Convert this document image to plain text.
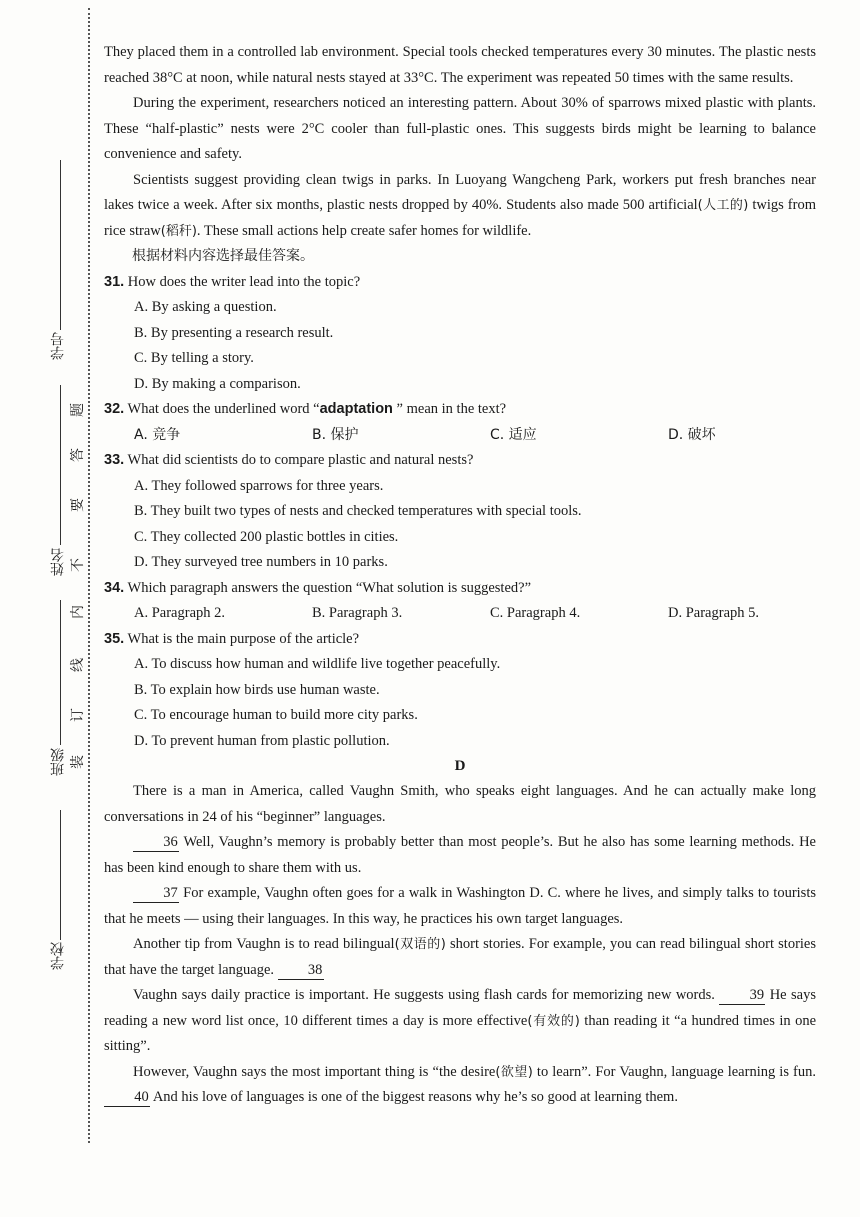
学号
姓名
班级
学校
题
答
要
不
内
线
订
装

They placed them in a controlled lab environment. Special tools checked temperatures every 30 minutes. The plastic nests reached 38°C at noon, while natural nests stayed at 33°C. The experiment was repeated 50 times with the same results.

During the experiment, researchers noticed an interesting pattern. About 30% of sparrows mixed plastic with plants. These “half-plastic” nests were 2°C cooler than full-plastic ones. This suggests birds might be learning to balance convenience and safety.

Scientists suggest providing clean twigs in parks. In Luoyang Wangcheng Park, workers put fresh branches near lakes twice a week. After six months, plastic nests dropped by 40%. Students also made 500 artificial(人工的) twigs from rice straw(稻秆). These small actions help create safer homes for wildlife.

根据材料内容选择最佳答案。

31. How does the writer lead into the topic?

A. By asking a question.
B. By presenting a research result.
C. By telling a story.
D. By making a comparison.

32. What does the underlined word “adaptation ” mean in the text?

A. 竞争	B. 保护	C. 适应	D. 破坏

33. What did scientists do to compare plastic and natural nests?

A. They followed sparrows for three years.
B. They built two types of nests and checked temperatures with special tools.
C. They collected 200 plastic bottles in cities.
D. They surveyed tree numbers in 10 parks.

34. Which paragraph answers the question “What solution is suggested?”

A. Paragraph 2.	B. Paragraph 3.	C. Paragraph 4.	D. Paragraph 5.

35. What is the main purpose of the article?

A. To discuss how human and wildlife live together peacefully.
B. To explain how birds use human waste.
C. To encourage human to build more city parks.
D. To prevent human from plastic pollution.
D

There is a man in America, called Vaughn Smith, who speaks eight languages. And he can actually make long conversations in 24 of his “beginner” languages.

36 Well, Vaughn’s memory is probably better than most people’s. But he also has some learning methods. He has been kind enough to share them with us.

37 For example, Vaughn often goes for a walk in Washington D. C. where he lives, and simply talks to tourists that he meets — using their languages. In this way, he practices his own target languages.

Another tip from Vaughn is to read bilingual(双语的) short stories. For example, you can read bilingual short stories that have the target language. 38

Vaughn says daily practice is important. He suggests using flash cards for memorizing new words. 39 He says reading a new word list once, 10 different times a day is more effective(有效的) than reading it “a hundred times in one sitting”.

However, Vaughn says the most important thing is “the desire(欲望) to learn”. For Vaughn, language learning is fun. 40 And his love of languages is one of the biggest reasons why he’s so good at learning them.
